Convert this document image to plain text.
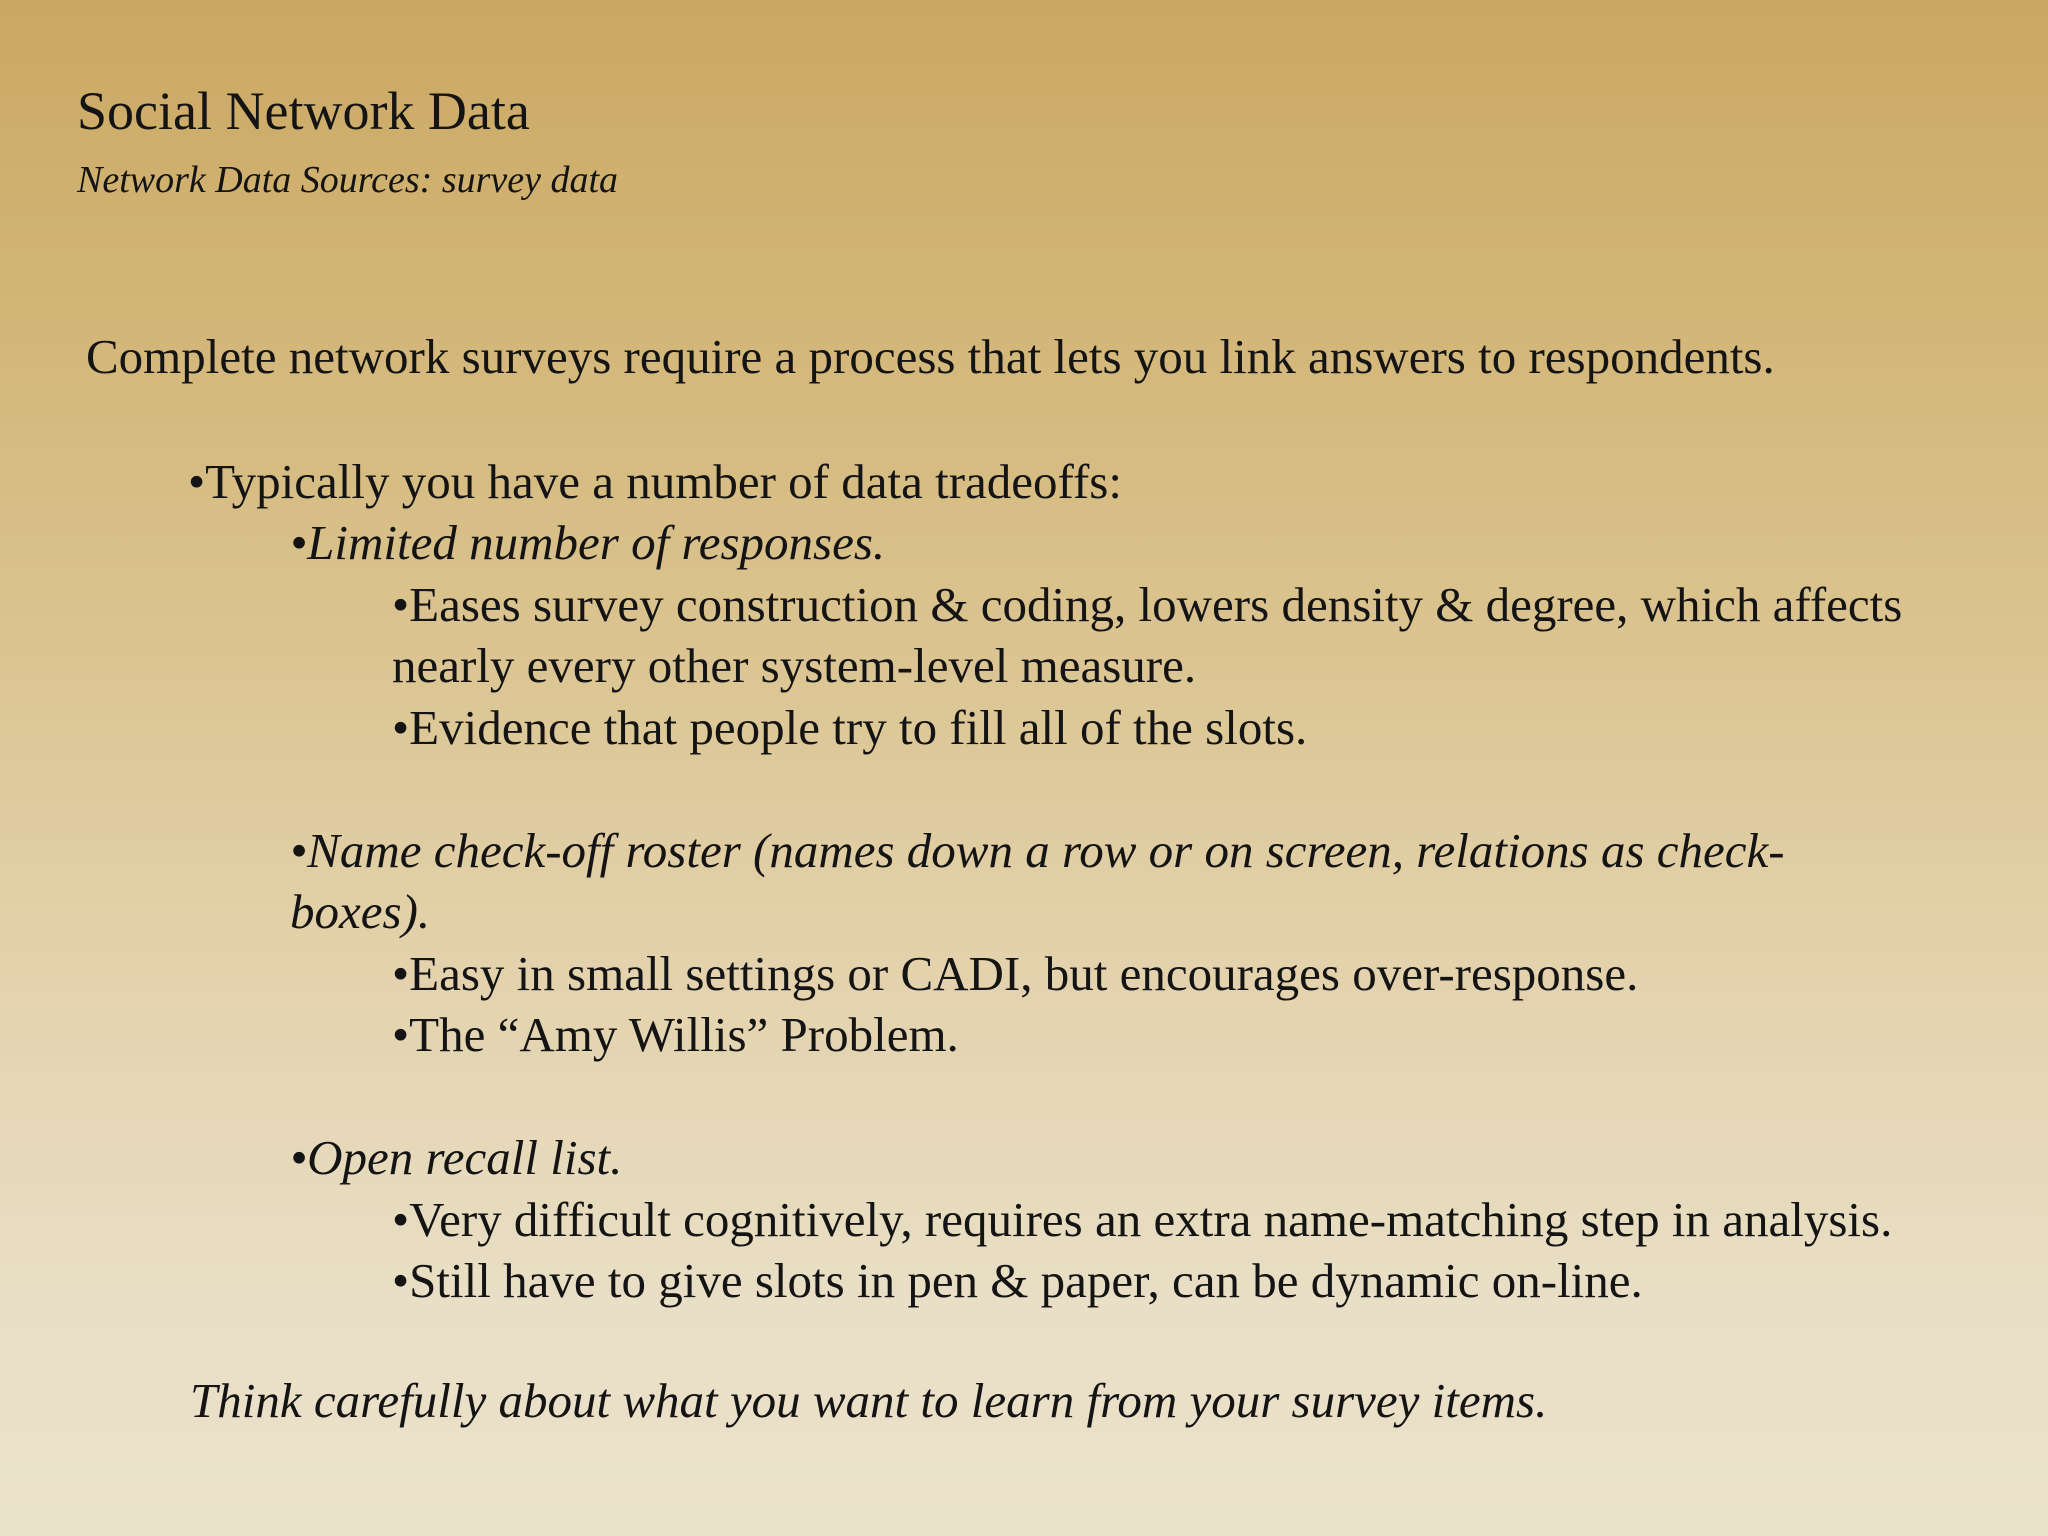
Social Network Data
Network Data Sources: survey data
Complete network surveys require a process that lets you link answers to respondents.
•Typically you have a number of data tradeoffs:
•Limited number of responses.
•Eases survey construction & coding, lowers density & degree, which affects
nearly every other system-level measure.
•Evidence that people try to fill all of the slots.
•Name check-off roster (names down a row or on screen, relations as check-
boxes).
•Easy in small settings or CADI, but encourages over-response.
•The “Amy Willis” Problem.
•Open recall list.
•Very difficult cognitively, requires an extra name-matching step in analysis.
•Still have to give slots in pen & paper, can be dynamic on-line.
Think carefully about what you want to learn from your survey items.
